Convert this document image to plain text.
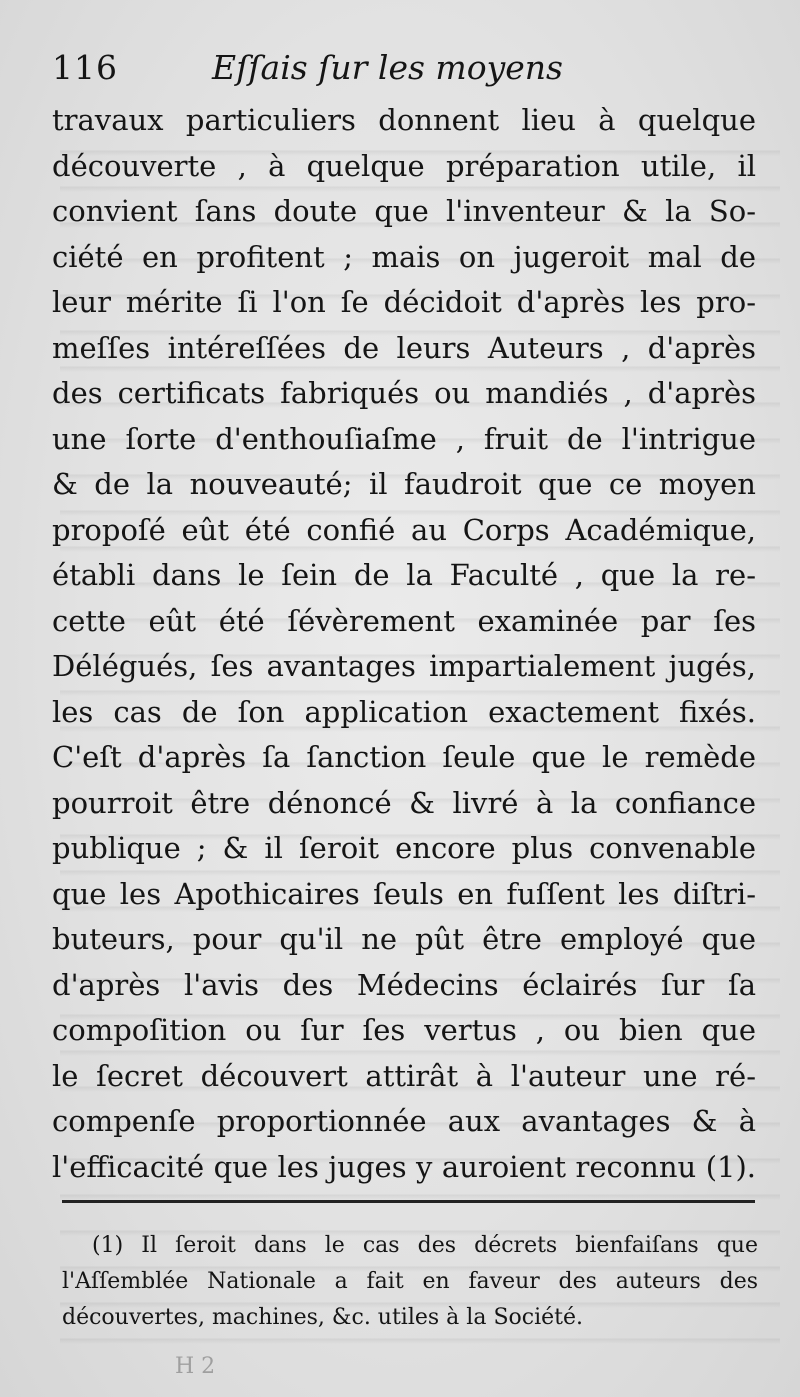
116	Eſſais ſur les moyens
travaux particuliers donnent lieu à quelque
découverte , à quelque préparation utile, il
convient ſans doute que l'inventeur & la So-
ciété en profitent ; mais on jugeroit mal de
leur mérite ſi l'on ſe décidoit d'après les pro-
meſſes intéreſſées de leurs Auteurs , d'après
des certificats fabriqués ou mandiés , d'après
une ſorte d'enthouſiaſme , fruit de l'intrigue
& de la nouveauté; il faudroit que ce moyen
propoſé eût été confié au Corps Académique,
établi dans le ſein de la Faculté , que la re-
cette eût été ſévèrement examinée par ſes
Délégués, ſes avantages impartialement jugés,
les cas de ſon application exactement fixés.
C'eſt d'après ſa ſanction ſeule que le remède
pourroit être dénoncé & livré à la confiance
publique ; & il ſeroit encore plus convenable
que les Apothicaires ſeuls en fuſſent les diſtri-
buteurs, pour qu'il ne pût être employé que
d'après l'avis des Médecins éclairés ſur ſa
compoſition ou ſur ſes vertus , ou bien que
le ſecret découvert attirât à l'auteur une ré-
compenſe proportionnée aux avantages & à
l'efficacité que les juges y auroient reconnu (1).
(1) Il ſeroit dans le cas des décrets bienfaiſans que
l'Aſſemblée Nationale a fait en faveur des auteurs des
découvertes, machines, &c. utiles à la Société.
H 2
